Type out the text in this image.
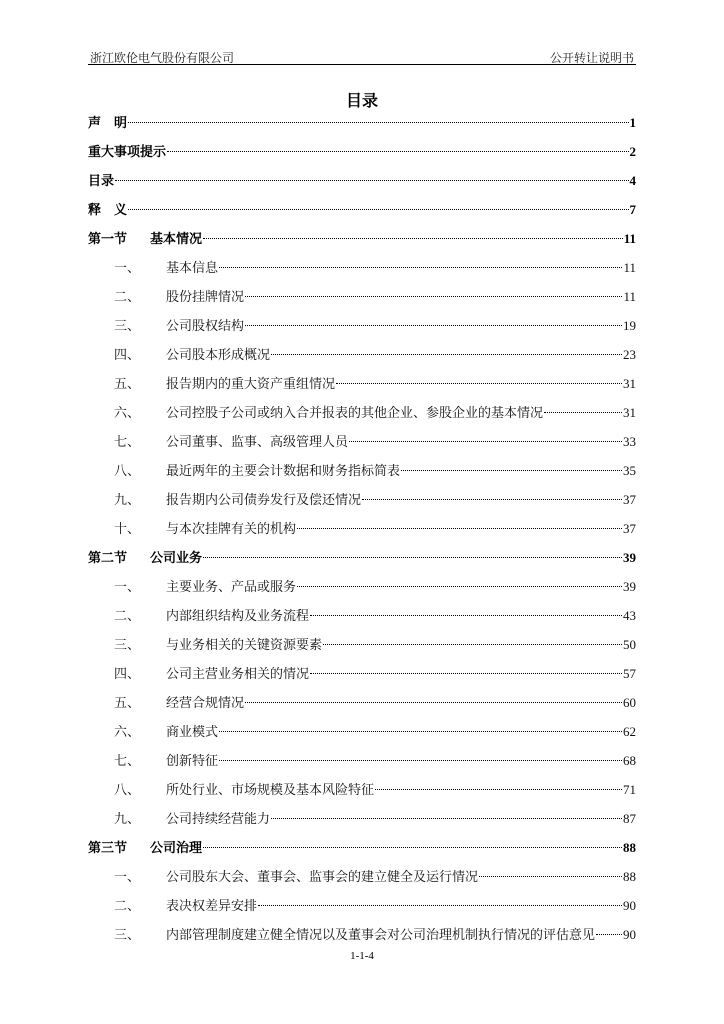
浙江欧伦电气股份有限公司	公开转让说明书
目录
声　明	1
重大事项提示	2
目录	4
释　义	7
第一节	基本情况	11
一、	基本信息	11
二、	股份挂牌情况	11
三、	公司股权结构	19
四、	公司股本形成概况	23
五、	报告期内的重大资产重组情况	31
六、	公司控股子公司或纳入合并报表的其他企业、参股企业的基本情况	31
七、	公司董事、监事、高级管理人员	33
八、	最近两年的主要会计数据和财务指标简表	35
九、	报告期内公司债券发行及偿还情况	37
十、	与本次挂牌有关的机构	37
第二节	公司业务	39
一、	主要业务、产品或服务	39
二、	内部组织结构及业务流程	43
三、	与业务相关的关键资源要素	50
四、	公司主营业务相关的情况	57
五、	经营合规情况	60
六、	商业模式	62
七、	创新特征	68
八、	所处行业、市场规模及基本风险特征	71
九、	公司持续经营能力	87
第三节	公司治理	88
一、	公司股东大会、董事会、监事会的建立健全及运行情况	88
二、	表决权差异安排	90
三、	内部管理制度建立健全情况以及董事会对公司治理机制执行情况的评估意见 90
1-1-4
